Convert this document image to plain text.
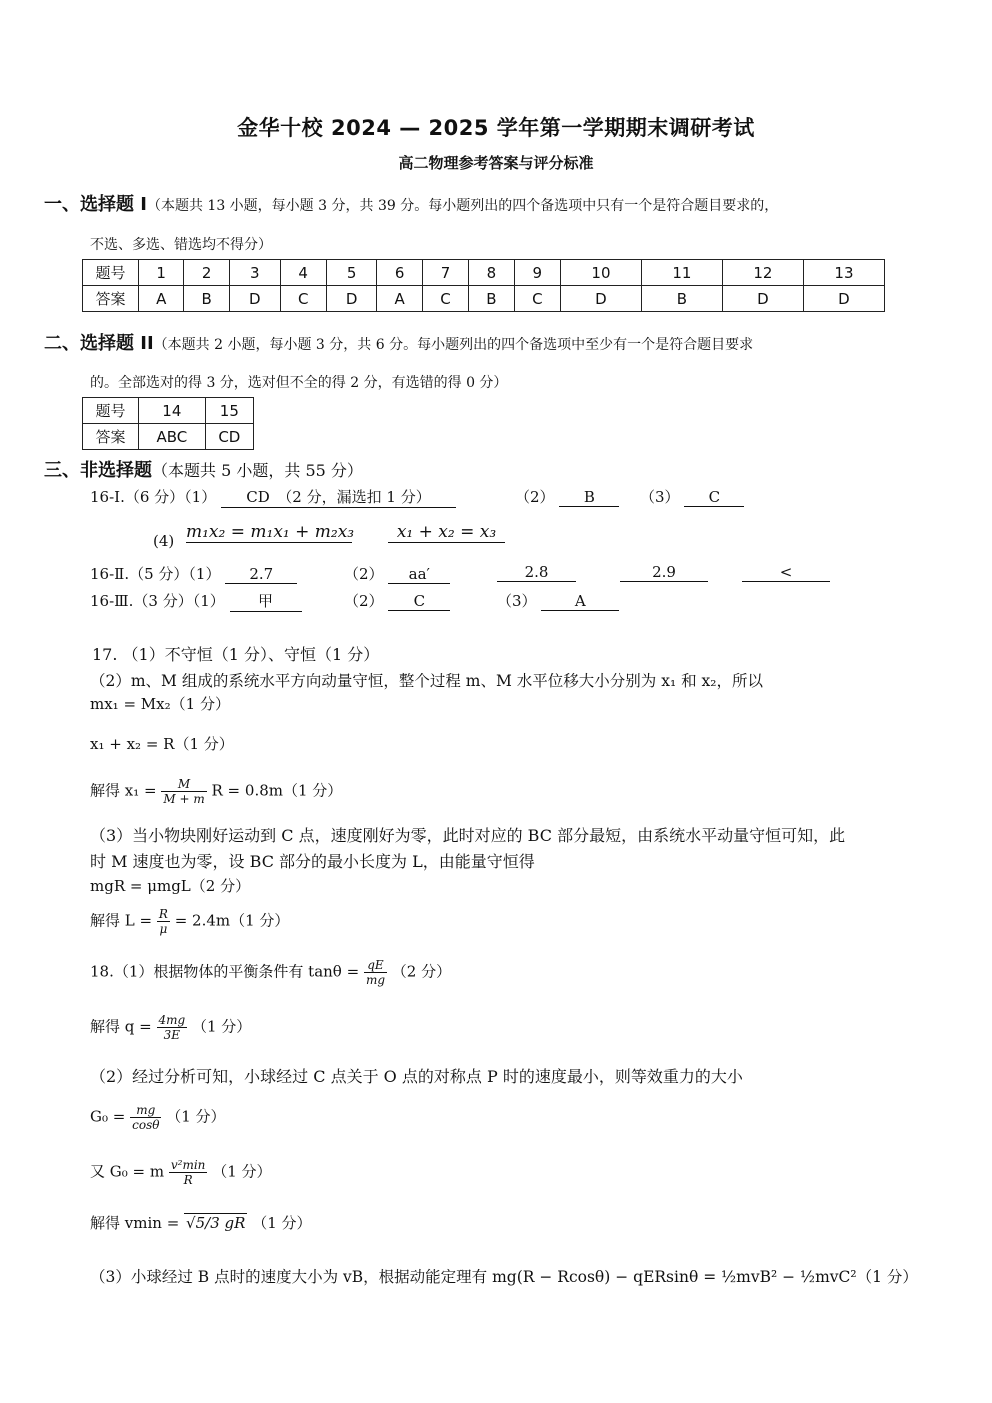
金华十校 2024 — 2025 学年第一学期期末调研考试
高二物理参考答案与评分标准
一、选择题 I（本题共 13 小题，每小题 3 分，共 39 分。每小题列出的四个备选项中只有一个是符合题目要求的，
不选、多选、错选均不得分）
题号	1	2	3	4	5	6	7	8	9	10	11	12	13
答案	A	B	D	C	D	A	C	B	C	D	B	D	D
二、选择题 II（本题共 2 小题，每小题 3 分，共 6 分。每小题列出的四个备选项中至少有一个是符合题目要求
的。全部选对的得 3 分，选对但不全的得 2 分，有选错的得 0 分）
题号	14	15
答案	ABC	CD
三、非选择题（本题共 5 小题，共 55 分）
16-Ⅰ.（6 分）（1） CD　（2 分，漏选扣 1 分）	（2） B	（3） C
(4) m₁x₂ = m₁x₁ + m₂x₃	x₁ + x₂ = x₃
16-Ⅱ.（5 分）（1） 2.7	（2） aa′	2.8	2.9	<
16-Ⅲ.（3 分）（1） 甲	（2） C	（3）	A
17. （1）不守恒（1 分）、守恒（1 分）
（2）m、M 组成的系统水平方向动量守恒，整个过程 m、M 水平位移大小分别为 x₁ 和 x₂，所以
mx₁ = Mx₂（1 分）
x₁ + x₂ = R（1 分）
解得 $x_1 = \frac{M}{M + m}$ R = 0.8m（1 分）
（3）当小物块刚好运动到 C 点，速度刚好为零，此时对应的 BC 部分最短，由系统水平动量守恒可知，此
时 M 速度也为零，设 BC 部分的最小长度为 L，由能量守恒得
mgR = μmgL（2 分）
解得 $L = \frac{R}{\mu} = 2.4m(1$ 分）
18.（1）根据物体的平衡条件有 $\tan\theta = \frac{qE}{mg} (2$ 分）
解得 $q = \frac{4mg}{3E} (1$ 分）
（2）经过分析可知，小球经过 C 点关于 O 点的对称点 P 时的速度最小，则等效重力的大小
$G_0 = \frac{mg}{\cos\theta} (1$ 分）
又 G₀ = m $\frac{\text{v²min}}{R} (1$ 分）
解得 vmin = √5/3 gR （1 分）
（3）小球经过 B 点时的速度大小为 vB，根据动能定理有 mg(R − Rcosθ) − qERsinθ = ½mvB² − ½mvC²（1 分）
